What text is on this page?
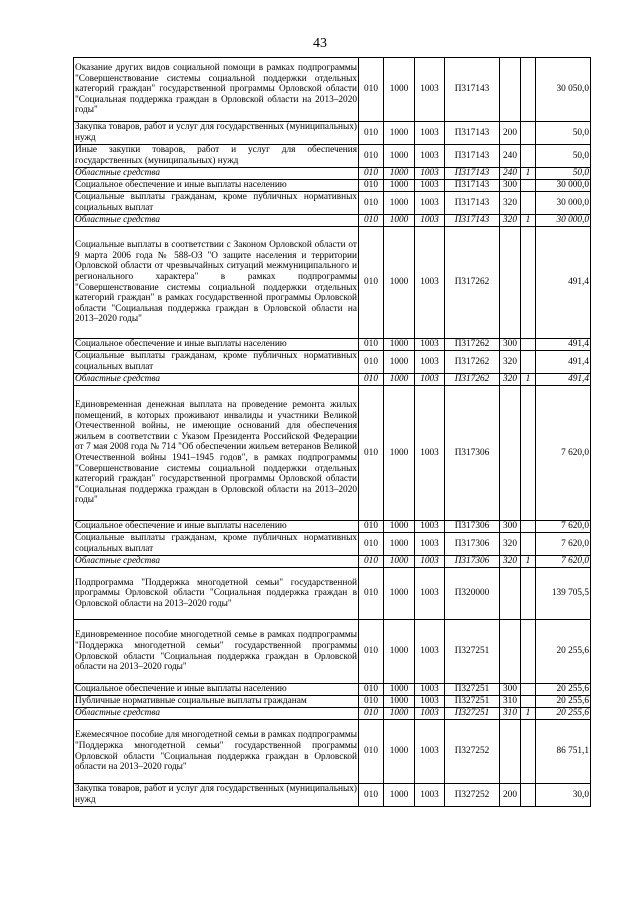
43
Оказание других видов социальной помощи в рамках подпрограммы "Совершенствование системы социальной поддержки отдельных категорий граждан" государственной программы Орловской области "Социальная поддержка граждан в Орловской области на 2013–2020 годы"	010	1000	1003	П317143			30 050,0
Закупка товаров, работ и услуг для государственных (муниципальных) нужд	010	1000	1003	П317143	200		50,0
Иные закупки товаров, работ и услуг для обеспечения государственных (муниципальных) нужд	010	1000	1003	П317143	240		50,0
Областные средства	010	1000	1003	П317143	240	1	50,0
Социальное обеспечение и иные выплаты населению	010	1000	1003	П317143	300		30 000,0
Социальные выплаты гражданам, кроме публичных нормативных социальных выплат	010	1000	1003	П317143	320		30 000,0
Областные средства	010	1000	1003	П317143	320	1	30 000,0
Социальные выплаты в соответствии с Законом Орловской области от 9 марта 2006 года № 588-ОЗ "О защите населения и территории Орловской области от чрезвычайных ситуаций межмуниципального и регионального характера" в рамках подпрограммы "Совершенствование системы социальной поддержки отдельных категорий граждан" в рамках государственной программы Орловской области "Социальная поддержка граждан в Орловской области на 2013–2020 годы"	010	1000	1003	П317262			491,4
Социальное обеспечение и иные выплаты населению	010	1000	1003	П317262	300		491,4
Социальные выплаты гражданам, кроме публичных нормативных социальных выплат	010	1000	1003	П317262	320		491,4
Областные средства	010	1000	1003	П317262	320	1	491,4
Единовременная денежная выплата на проведение ремонта жилых помещений, в которых проживают инвалиды и участники Великой Отечественной войны, не имеющие оснований для обеспечения жильем в соответствии с Указом Президента Российской Федерации от 7 мая 2008 года № 714 "Об обеспечении жильем ветеранов Великой Отечественной войны 1941–1945 годов", в рамках подпрограммы "Совершенствование системы социальной поддержки отдельных категорий граждан" государственной программы Орловской области "Социальная поддержка граждан в Орловской области на 2013–2020 годы"	010	1000	1003	П317306			7 620,0
Социальное обеспечение и иные выплаты населению	010	1000	1003	П317306	300		7 620,0
Социальные выплаты гражданам, кроме публичных нормативных социальных выплат	010	1000	1003	П317306	320		7 620,0
Областные средства	010	1000	1003	П317306	320	1	7 620,0
Подпрограмма "Поддержка многодетной семьи" государственной программы Орловской области "Социальная поддержка граждан в Орловской области на 2013–2020 годы"	010	1000	1003	П320000			139 705,5
Единовременное пособие многодетной семье в рамках подпрограммы "Поддержка многодетной семьи" государственной программы Орловской области "Социальная поддержка граждан в Орловской области на 2013–2020 годы"	010	1000	1003	П327251			20 255,6
Социальное обеспечение и иные выплаты населению	010	1000	1003	П327251	300		20 255,6
Публичные нормативные социальные выплаты гражданам	010	1000	1003	П327251	310		20 255,6
Областные средства	010	1000	1003	П327251	310	1	20 255,6
Ежемесячное пособие для многодетной семьи в рамках подпрограммы "Поддержка многодетной семьи" государственной программы Орловской области "Социальная поддержка граждан в Орловской области на 2013–2020 годы"	010	1000	1003	П327252			86 751,1
Закупка товаров, работ и услуг для государственных (муниципальных) нужд	010	1000	1003	П327252	200		30,0
